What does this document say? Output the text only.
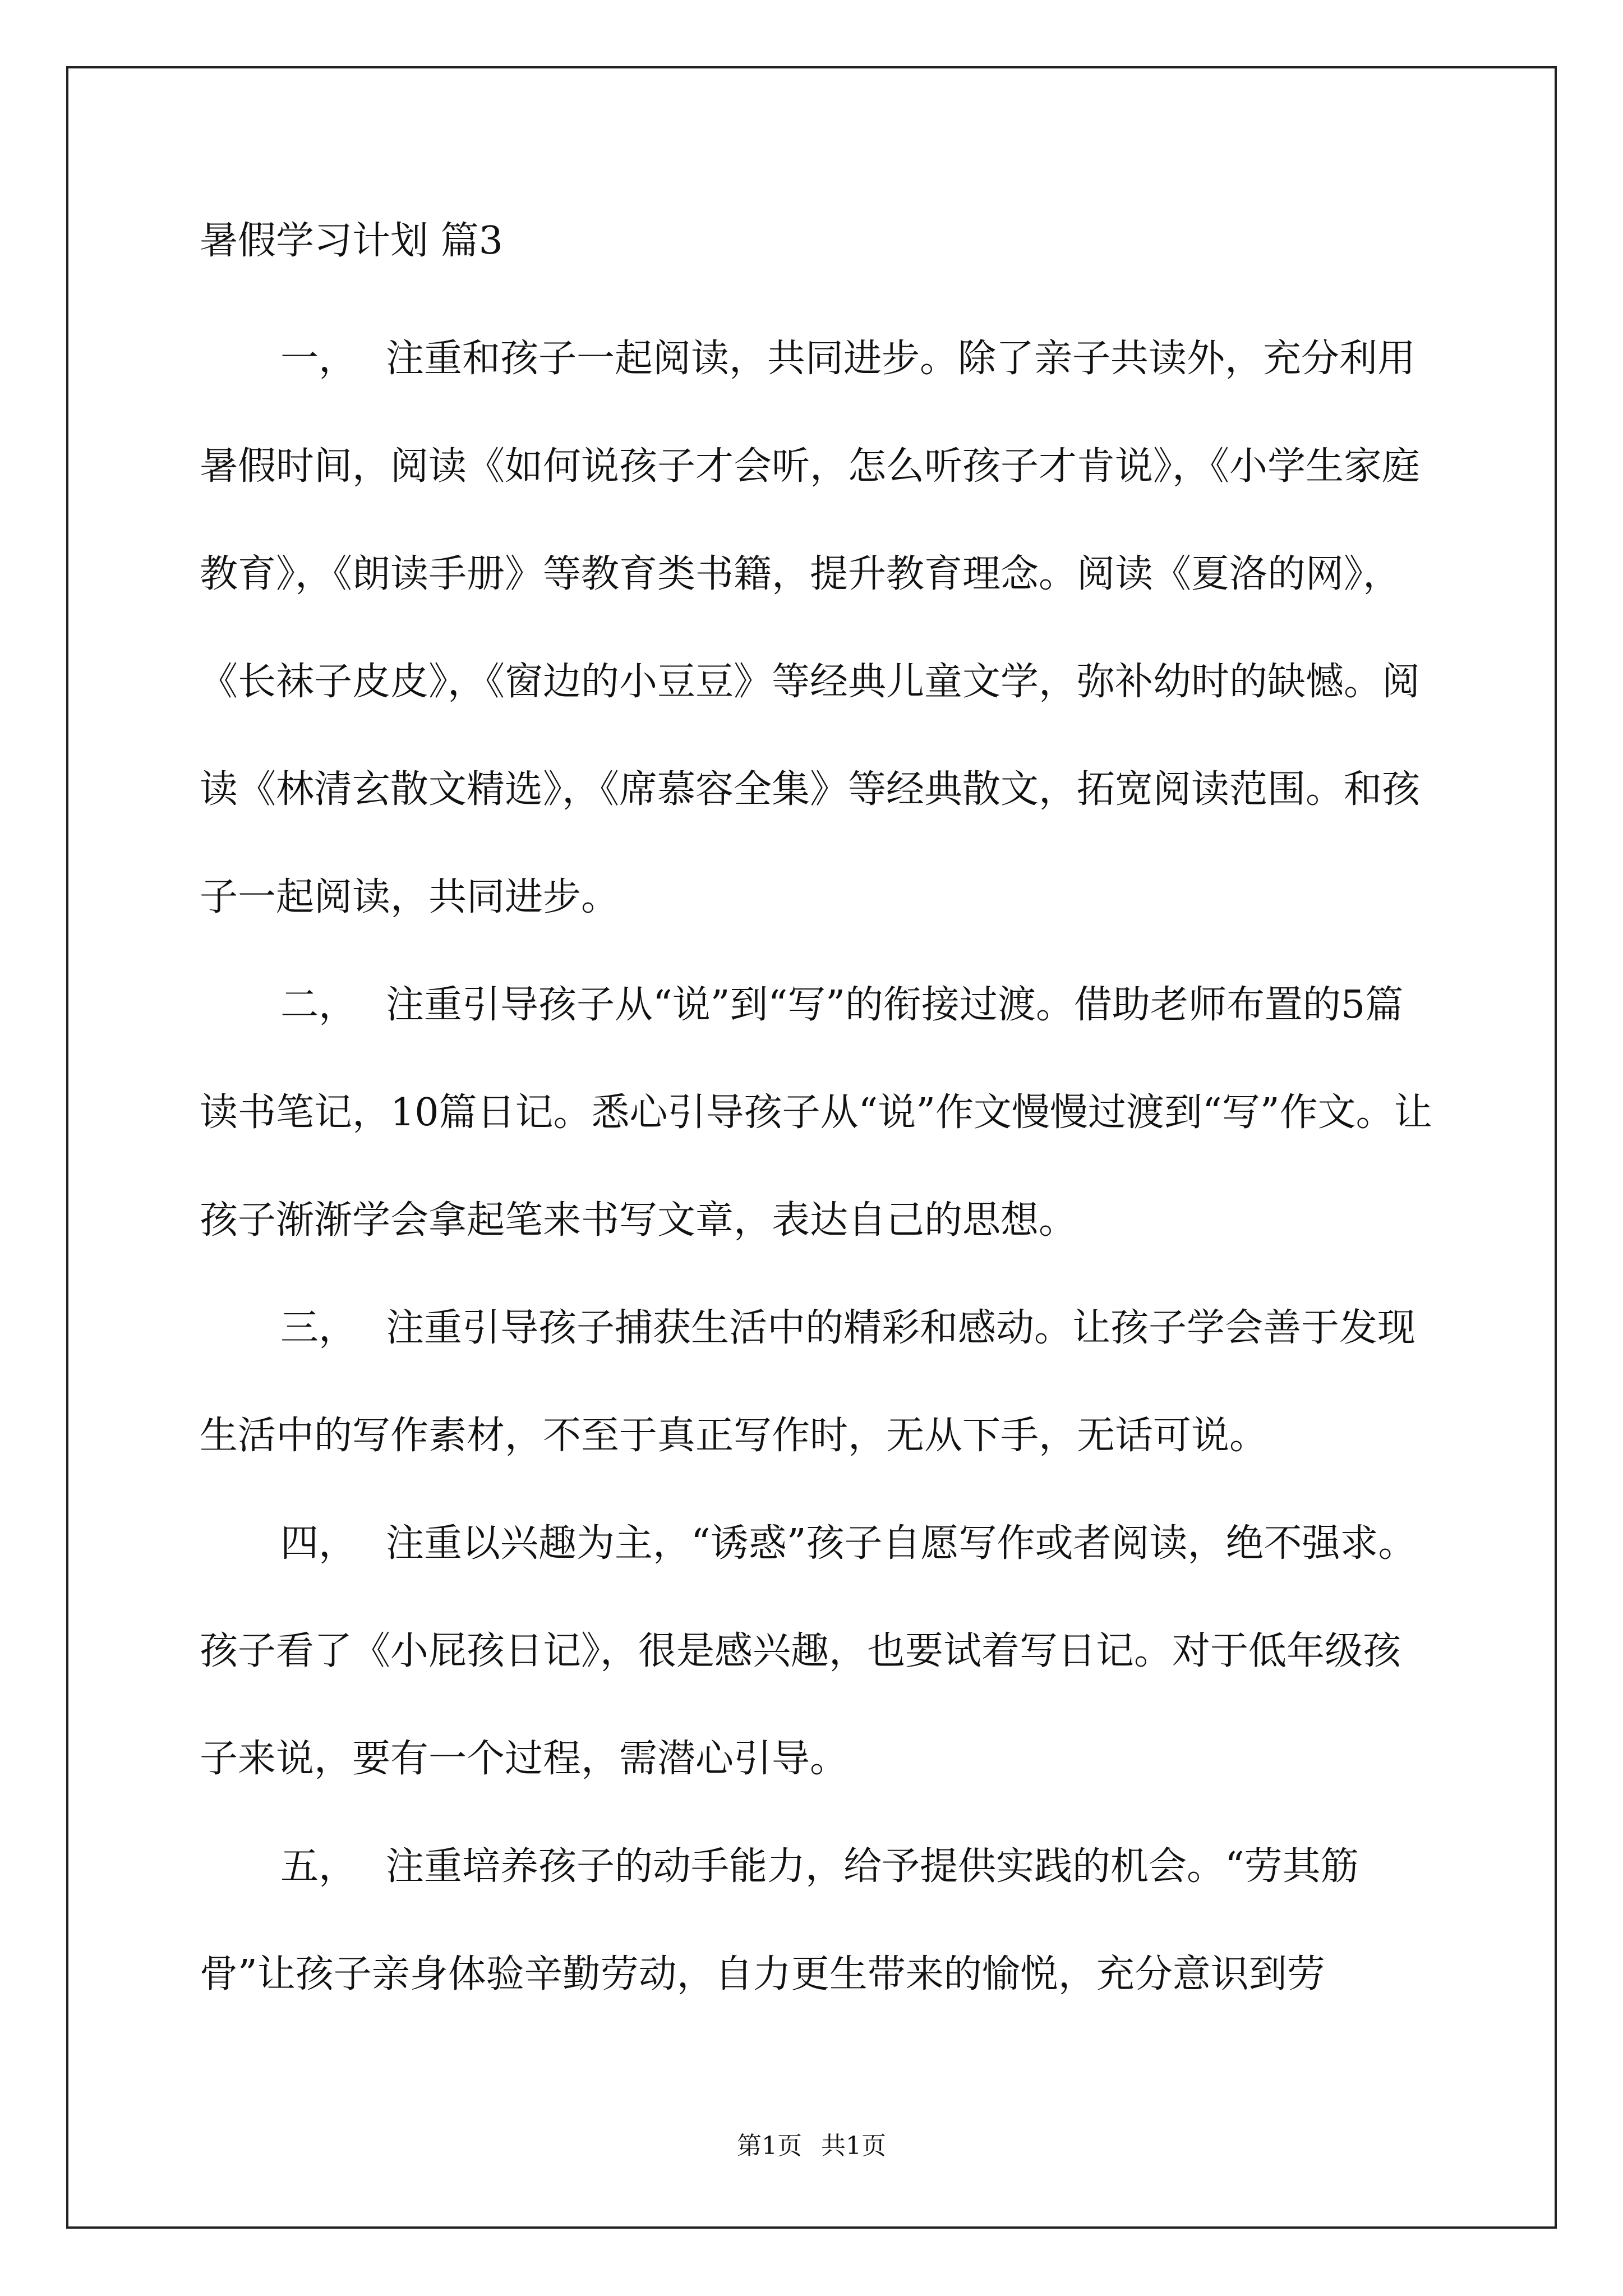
暑假学习计划 篇3

一， 注重和孩子一起阅读，共同进步。除了亲子共读外，充分利用暑假时间，阅读《如何说孩子才会听，怎么听孩子才肯说》，《小学生家庭教育》，《朗读手册》等教育类书籍，提升教育理念。阅读《夏洛的网》，《长袜子皮皮》，《窗边的小豆豆》等经典儿童文学，弥补幼时的缺憾。阅读《林清玄散文精选》，《席慕容全集》等经典散文，拓宽阅读范围。和孩子一起阅读，共同进步。

二， 注重引导孩子从“说”到“写”的衔接过渡。借助老师布置的5篇读书笔记，10篇日记。悉心引导孩子从“说”作文慢慢过渡到“写”作文。让孩子渐渐学会拿起笔来书写文章，表达自己的思想。

三， 注重引导孩子捕获生活中的精彩和感动。让孩子学会善于发现生活中的写作素材，不至于真正写作时，无从下手，无话可说。

四， 注重以兴趣为主，“诱惑”孩子自愿写作或者阅读，绝不强求。孩子看了《小屁孩日记》，很是感兴趣，也要试着写日记。对于低年级孩子来说，要有一个过程，需潜心引导。

五， 注重培养孩子的动手能力，给予提供实践的机会。“劳其筋骨”让孩子亲身体验辛勤劳动，自力更生带来的愉悦，充分意识到劳

第1页 共1页
